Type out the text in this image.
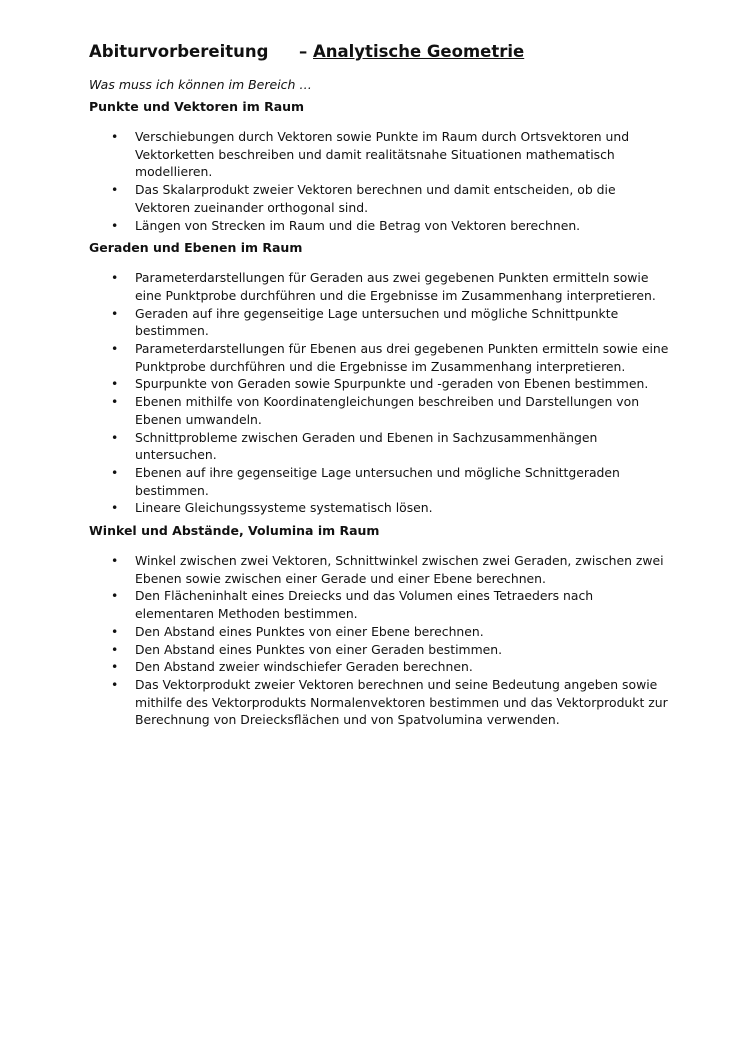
Abiturvorbereitung – Analytische Geometrie
Was muss ich können im Bereich …
Punkte und Vektoren im Raum
• Verschiebungen durch Vektoren sowie Punkte im Raum durch Ortsvektoren und Vektorketten beschreiben und damit realitätsnahe Situationen mathematisch modellieren.
• Das Skalarprodukt zweier Vektoren berechnen und damit entscheiden, ob die Vektoren zueinander orthogonal sind.
• Längen von Strecken im Raum und die Betrag von Vektoren berechnen.
Geraden und Ebenen im Raum
• Parameterdarstellungen für Geraden aus zwei gegebenen Punkten ermitteln sowie eine Punktprobe durchführen und die Ergebnisse im Zusammenhang interpretieren.
• Geraden auf ihre gegenseitige Lage untersuchen und mögliche Schnittpunkte bestimmen.
• Parameterdarstellungen für Ebenen aus drei gegebenen Punkten ermitteln sowie eine Punktprobe durchführen und die Ergebnisse im Zusammenhang interpretieren.
• Spurpunkte von Geraden sowie Spurpunkte und -geraden von Ebenen bestimmen.
• Ebenen mithilfe von Koordinatengleichungen beschreiben und Darstellungen von Ebenen umwandeln.
• Schnittprobleme zwischen Geraden und Ebenen in Sachzusammenhängen untersuchen.
• Ebenen auf ihre gegenseitige Lage untersuchen und mögliche Schnittgeraden bestimmen.
• Lineare Gleichungssysteme systematisch lösen.
Winkel und Abstände, Volumina im Raum
• Winkel zwischen zwei Vektoren, Schnittwinkel zwischen zwei Geraden, zwischen zwei Ebenen sowie zwischen einer Gerade und einer Ebene berechnen.
• Den Flächeninhalt eines Dreiecks und das Volumen eines Tetraeders nach elementaren Methoden bestimmen.
• Den Abstand eines Punktes von einer Ebene berechnen.
• Den Abstand eines Punktes von einer Geraden bestimmen.
• Den Abstand zweier windschiefer Geraden berechnen.
• Das Vektorprodukt zweier Vektoren berechnen und seine Bedeutung angeben sowie mithilfe des Vektorprodukts Normalenvektoren bestimmen und das Vektorprodukt zur Berechnung von Dreiecksflächen und von Spatvolumina verwenden.
